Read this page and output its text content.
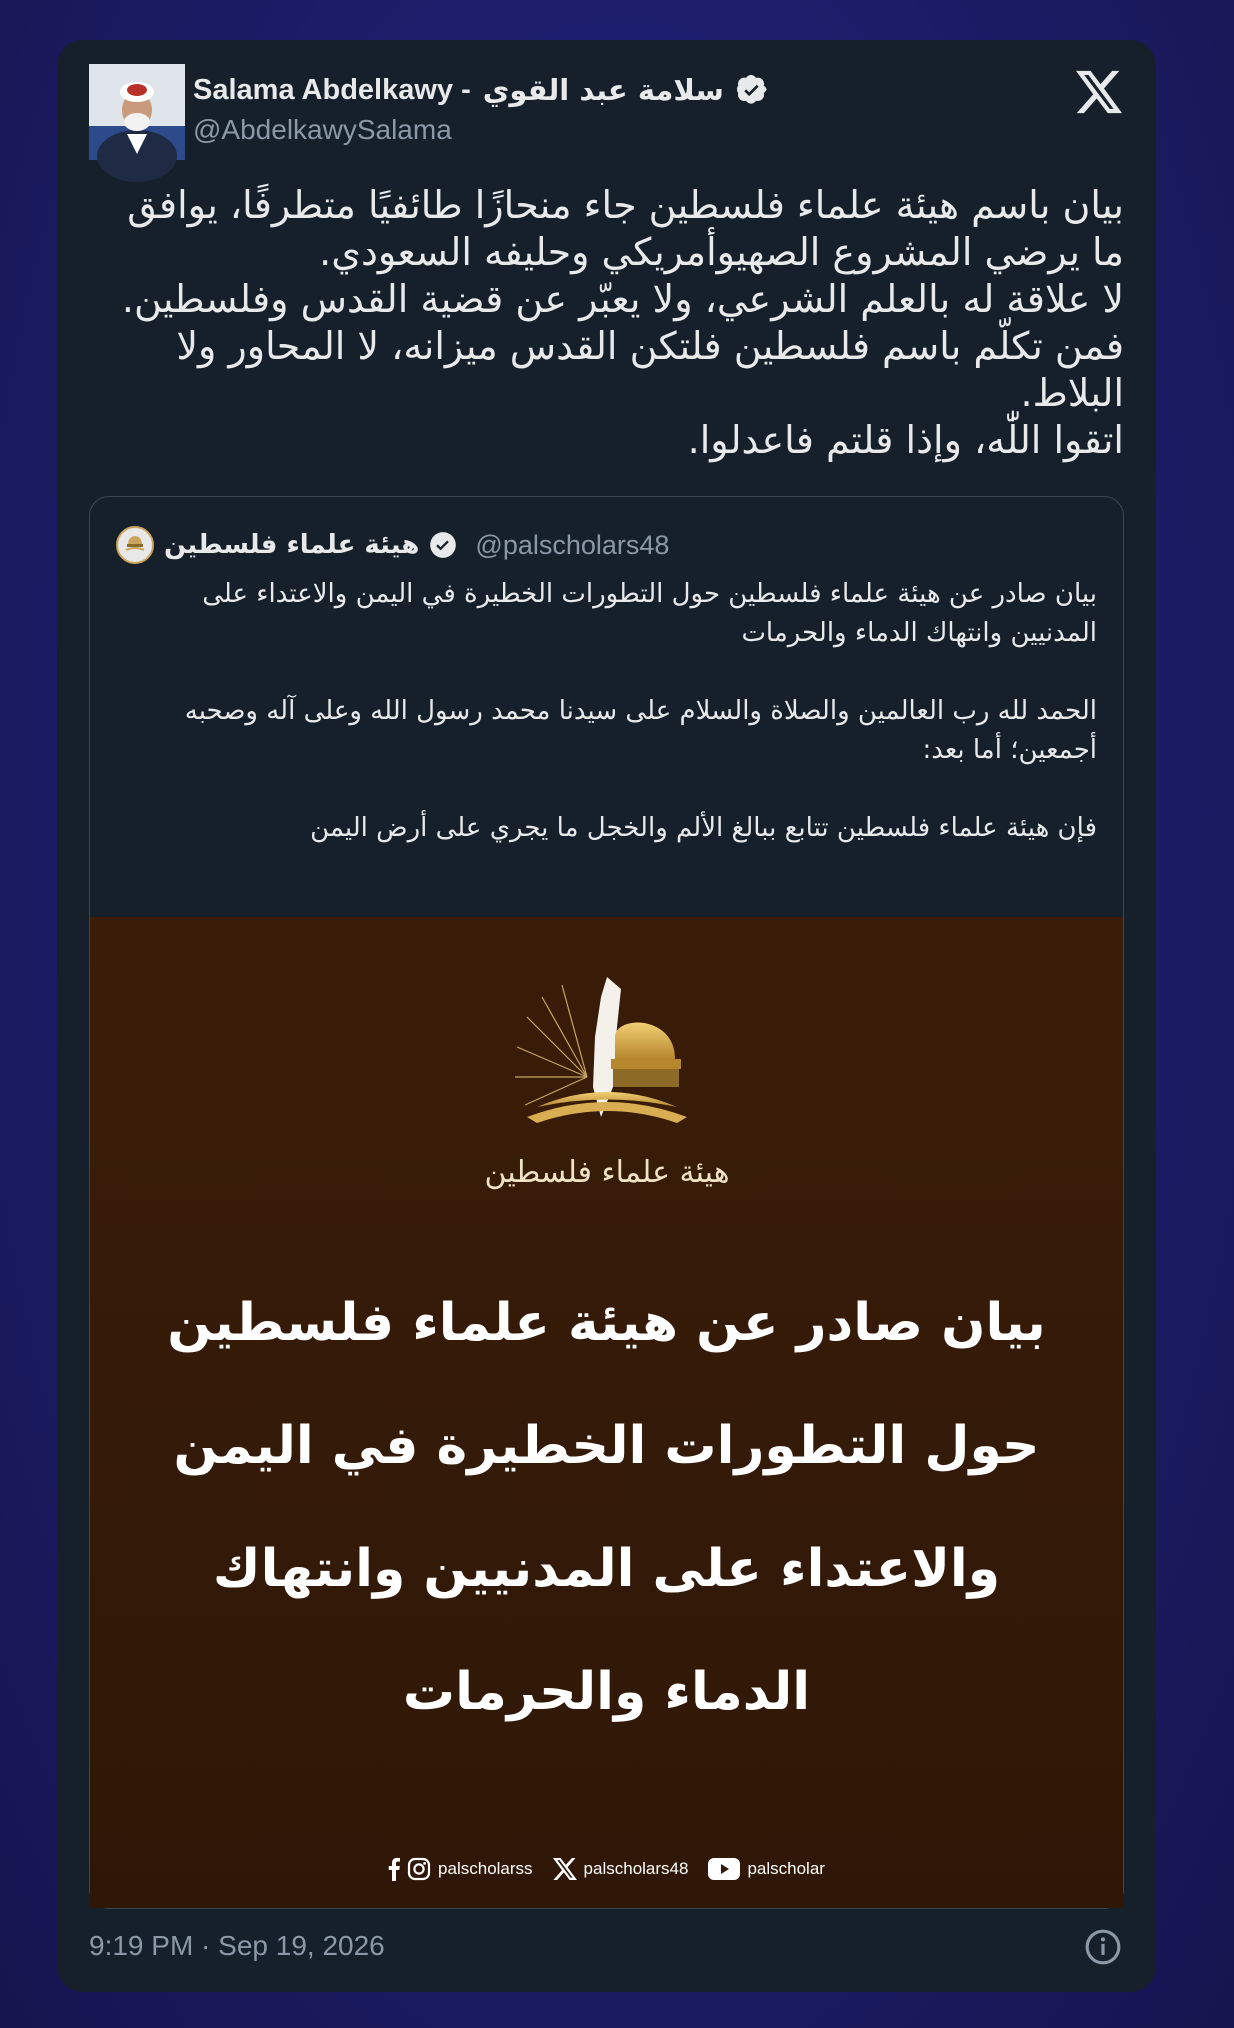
Salama Abdelkawy - سلامة عبد القوي
@AbdelkawySalama

بيان باسم هيئة علماء فلسطين جاء منحازًا طائفيًا متطرفًا، يوافق ما يرضي المشروع الصهيوأمريكي وحليفه السعودي.

لا علاقة له بالعلم الشرعي، ولا يعبّر عن قضية القدس وفلسطين.

فمن تكلّم باسم فلسطين فلتكن القدس ميزانه، لا المحاور ولا البلاط.

اتقوا اللّٰه، وإذا قلتم فاعدلوا.

هيئة علماء فلسطين @palscholars48

بيان صادر عن هيئة علماء فلسطين حول التطورات الخطيرة في اليمن والاعتداء على المدنيين وانتهاك الدماء والحرمات

الحمد لله رب العالمين والصلاة والسلام على سيدنا محمد رسول الله وعلى آله وصحبه أجمعين؛ أما بعد:

فإن هيئة علماء فلسطين تتابع ببالغ الألم والخجل ما يجري على أرض اليمن

هيئة علماء فلسطين
بيان صادر عن هيئة علماء فلسطين
حول التطورات الخطيرة في اليمن
والاعتداء على المدنيين وانتهاك
الدماء والحرمات
palscholarss	palscholars48	palscholar
9:19 PM · Sep 19, 2026
